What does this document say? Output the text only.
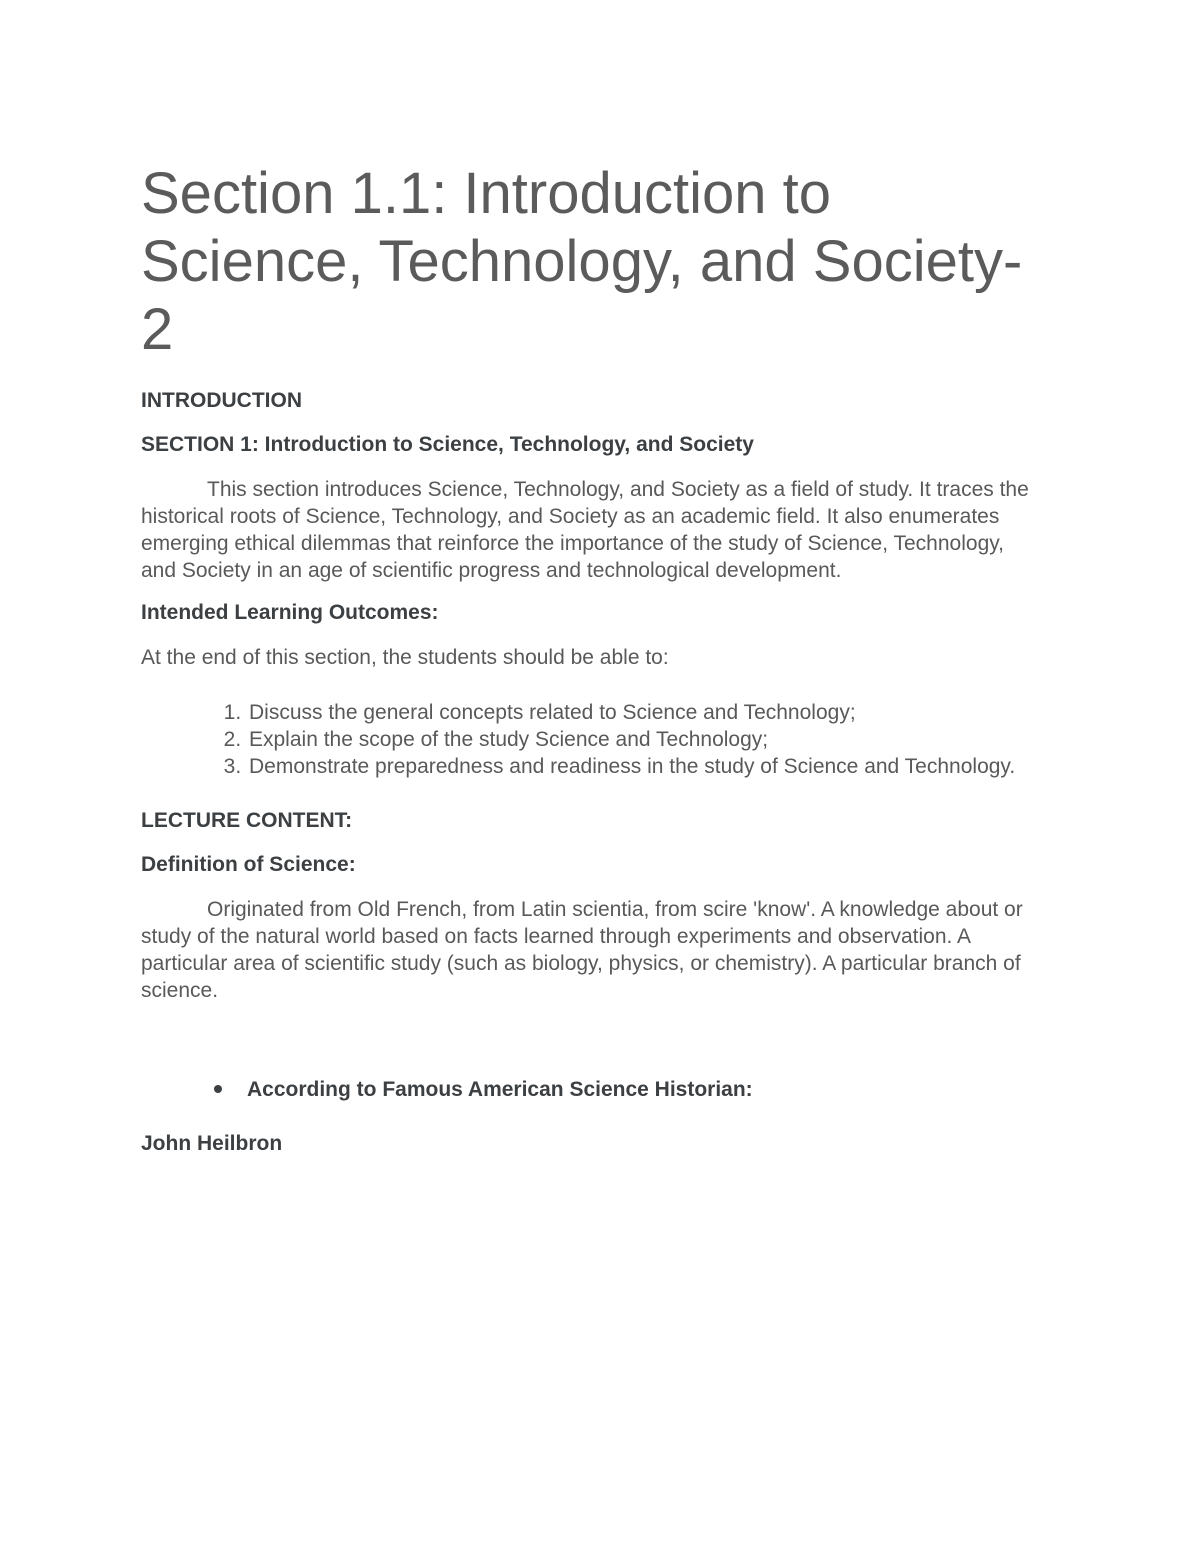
Section 1.1: Introduction to Science, Technology, and Society-2

INTRODUCTION

SECTION 1: Introduction to Science, Technology, and Society

This section introduces Science, Technology, and Society as a field of study. It traces the historical roots of Science, Technology, and Society as an academic field. It also enumerates emerging ethical dilemmas that reinforce the importance of the study of Science, Technology, and Society in an age of scientific progress and technological development.

Intended Learning Outcomes:

At the end of this section, the students should be able to:

1. Discuss the general concepts related to Science and Technology;
2. Explain the scope of the study Science and Technology;
3. Demonstrate preparedness and readiness in the study of Science and Technology.

LECTURE CONTENT:

Definition of Science:

Originated from Old French, from Latin scientia, from scire 'know'. A knowledge about or study of the natural world based on facts learned through experiments and observation. A particular area of scientific study (such as biology, physics, or chemistry). A particular branch of science.

According to Famous American Science Historian:

John Heilbron
